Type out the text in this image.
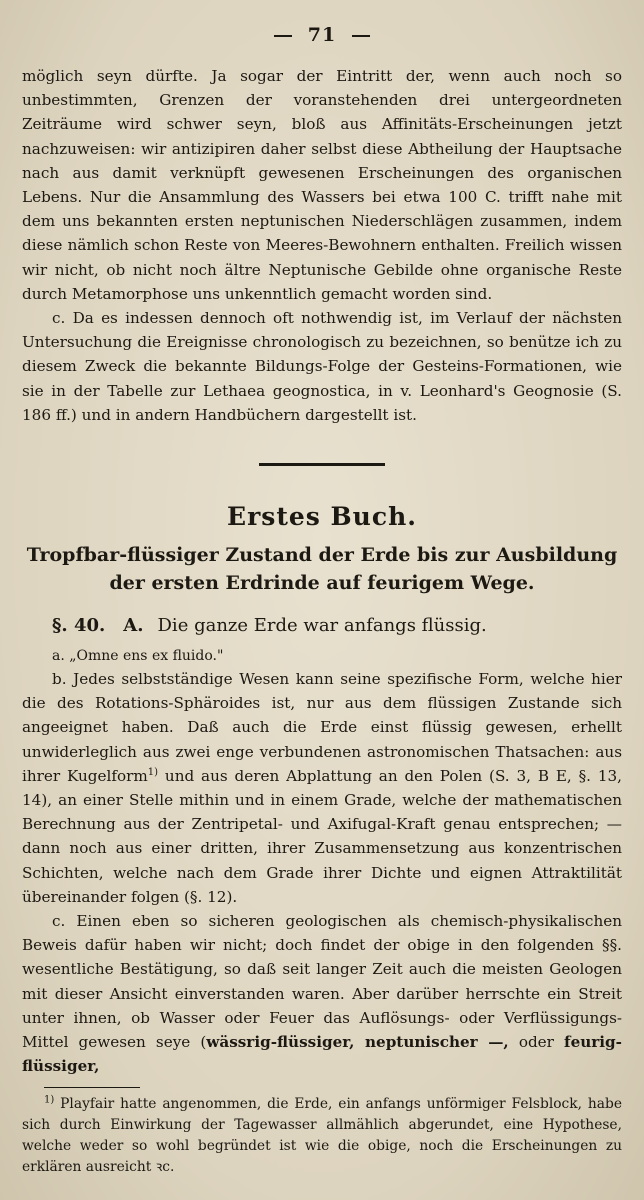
71

möglich seyn dürfte. Ja sogar der Eintritt der, wenn auch noch so unbestimmten, Grenzen der voranstehenden drei untergeordneten Zeiträume wird schwer seyn, bloß aus Affinitäts-Erscheinungen jetzt nachzuweisen: wir antizipiren daher selbst diese Abtheilung der Hauptsache nach aus damit verknüpft gewesenen Erscheinungen des organischen Lebens. Nur die Ansammlung des Wassers bei etwa 100 C. trifft nahe mit dem uns bekannten ersten neptunischen Niederschlägen zusammen, indem diese nämlich schon Reste von Meeres-Bewohnern enthalten. Freilich wissen wir nicht, ob nicht noch ältre Neptunische Gebilde ohne organische Reste durch Metamorphose uns unkenntlich gemacht worden sind.

c. Da es indessen dennoch oft nothwendig ist, im Verlauf der nächsten Untersuchung die Ereignisse chronologisch zu bezeichnen, so benütze ich zu diesem Zweck die bekannte Bildungs-Folge der Gesteins-Formationen, wie sie in der Tabelle zur Lethaea geognostica, in v. Leonhard's Geognosie (S. 186 ff.) und in andern Handbüchern dargestellt ist.

Erstes Buch.
Tropfbar-flüssiger Zustand der Erde bis zur Ausbildung der ersten Erdrinde auf feurigem Wege.
§. 40. A. Die ganze Erde war anfangs flüssig.

a. „Omne ens ex fluido."

b. Jedes selbstständige Wesen kann seine spezifische Form, welche hier die des Rotations-Sphäroides ist, nur aus dem flüssigen Zustande sich angeeignet haben. Daß auch die Erde einst flüssig gewesen, erhellt unwiderleglich aus zwei enge verbundenen astronomischen Thatsachen: aus ihrer Kugelform$^{1)}$ und aus deren Abplattung an den Polen (S. 3, B E, §. 13, 14), an einer Stelle mithin und in einem Grade, welche der mathematischen Berechnung aus der Zentripetal- und Axifugal-Kraft genau entsprechen; — dann noch aus einer dritten, ihrer Zusammensetzung aus konzentrischen Schichten, welche nach dem Grade ihrer Dichte und eignen Attraktilität übereinander folgen (§. 12).

c. Einen eben so sicheren geologischen als chemisch-physikalischen Beweis dafür haben wir nicht; doch findet der obige in den folgenden §§. wesentliche Bestätigung, so daß seit langer Zeit auch die meisten Geologen mit dieser Ansicht einverstanden waren. Aber darüber herrschte ein Streit unter ihnen, ob Wasser oder Feuer das Auflösungs- oder Verflüssigungs-Mittel gewesen seye (wässrig-flüssiger, neptunischer —, oder feurig-flüssiger,

$^{1)}$ Playfair hatte angenommen, die Erde, ein anfangs unförmiger Felsblock, habe sich durch Einwirkung der Tagewasser allmählich abgerundet, eine Hypothese, welche weder so wohl begründet ist wie die obige, noch die Erscheinungen zu erklären ausreicht ꝛc.
